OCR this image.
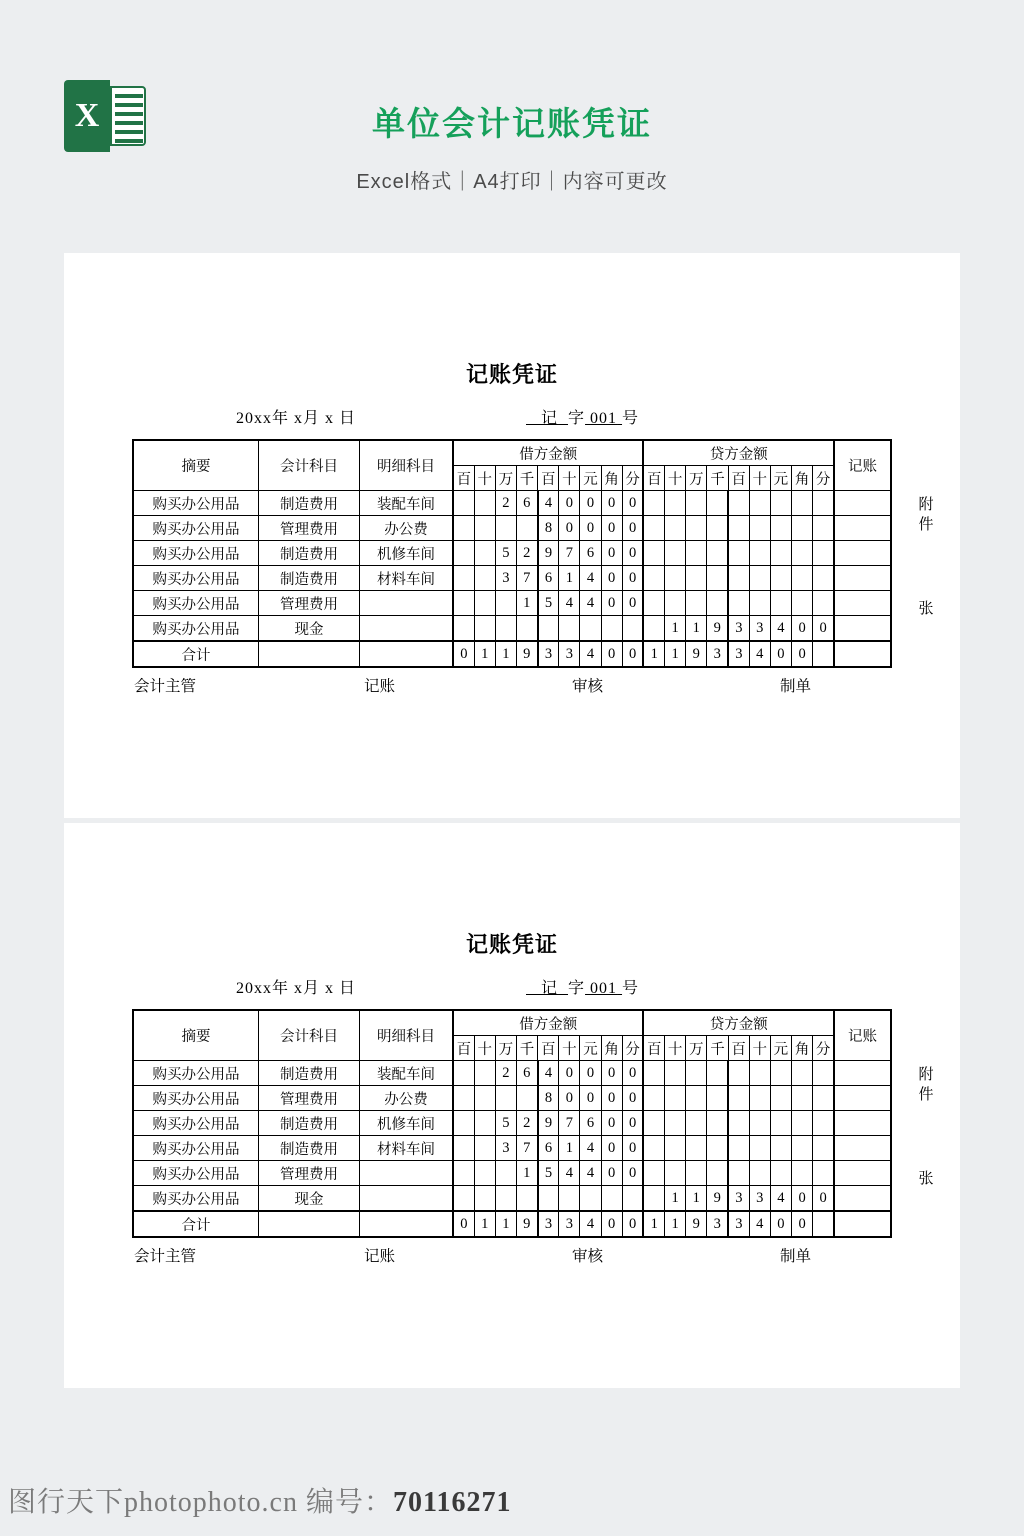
X	单位会计记账凭证
Excel格式｜A4打印｜内容可更改
记账凭证
20xx年 x月 x 日	记 字 001 号
摘要	会计科目	明细科目	借方金额									贷方金额									记账
			百	十	万	千	百	十	元	角	分	百	十	万	千	百	十	元	角	分	
购买办公用品	制造费用	装配车间			2	6	4	0	0	0	0										
购买办公用品	管理费用	办公费					8	0	0	0	0										
购买办公用品	制造费用	机修车间			5	2	9	7	6	0	0										
购买办公用品	制造费用	材料车间			3	7	6	1	4	0	0										
购买办公用品	管理费用					1	5	4	4	0	0										
购买办公用品	现金												1	1	9	3	3	4	0	0	
合计			0	1	1	9	3	3	4	0	0	1	1	9	3	3	4	0	0		
附件
张
会计主管	记账	审核	制单
记账凭证
20xx年 x月 x 日	记 字 001 号
摘要	会计科目	明细科目	借方金额									贷方金额									记账
			百	十	万	千	百	十	元	角	分	百	十	万	千	百	十	元	角	分	
购买办公用品	制造费用	装配车间			2	6	4	0	0	0	0										
购买办公用品	管理费用	办公费					8	0	0	0	0										
购买办公用品	制造费用	机修车间			5	2	9	7	6	0	0										
购买办公用品	制造费用	材料车间			3	7	6	1	4	0	0										
购买办公用品	管理费用					1	5	4	4	0	0										
购买办公用品	现金												1	1	9	3	3	4	0	0	
合计			0	1	1	9	3	3	4	0	0	1	1	9	3	3	4	0	0		
附件
张
会计主管	记账	审核	制单
图行天下photophoto.cn 编号：70116271
